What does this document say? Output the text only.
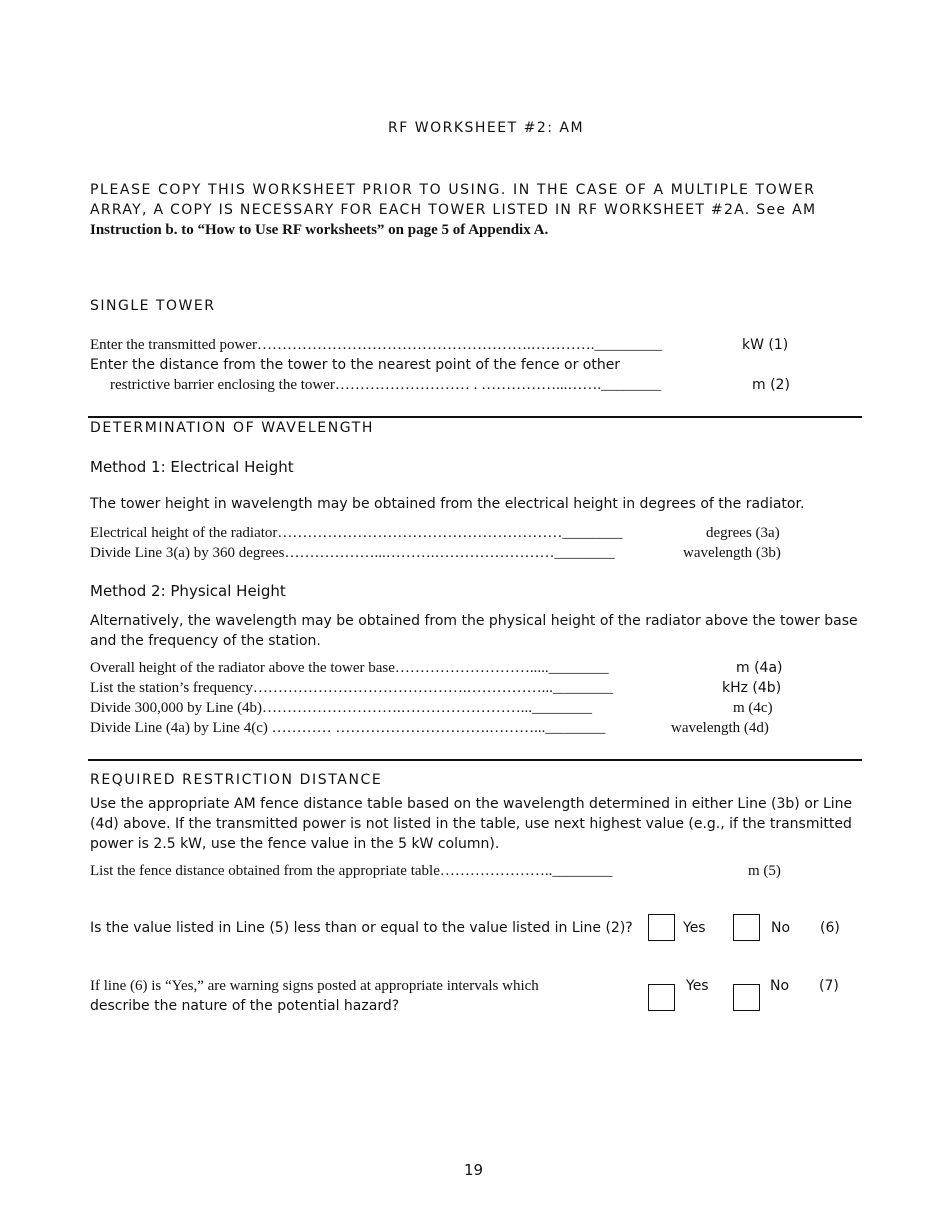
RF WORKSHEET #2: AM
PLEASE COPY THIS WORKSHEET PRIOR TO USING. IN THE CASE OF A MULTIPLE TOWER
ARRAY, A COPY IS NECESSARY FOR EACH TOWER LISTED IN RF WORKSHEET #2A. See AM
Instruction b. to “How to Use RF worksheets” on page 5 of Appendix A.
SINGLE TOWER
Enter the transmitted power……………………………………………….…………._________	kW (1)
Enter the distance from the tower to the nearest point of the fence or other
restrictive barrier enclosing the tower……………………… . ……………...…….________	m (2)
DETERMINATION OF WAVELENGTH
Method 1: Electrical Height
The tower height in wavelength may be obtained from the electrical height in degrees of the radiator.
Electrical height of the radiator…………………………………………………________	degrees (3a)
Divide Line 3(a) by 360 degrees………………...……….……………………________	wavelength (3b)
Method 2: Physical Height
Alternatively, the wavelength may be obtained from the physical height of the radiator above the tower base and the frequency of the station.
Overall height of the radiator above the tower base……………………….....________	m (4a)
List the station’s frequency…………………………………….……………...________	kHz (4b)
Divide 300,000 by Line (4b)……………………….……………………...________	m (4c)
Divide Line (4a) by Line 4(c) ………… ………………………….………...________	wavelength (4d)
REQUIRED RESTRICTION DISTANCE
Use the appropriate AM fence distance table based on the wavelength determined in either Line (3b) or Line (4d) above. If the transmitted power is not listed in the table, use next highest value (e.g., if the transmitted power is 2.5 kW, use the fence value in the 5 kW column).
List the fence distance obtained from the appropriate table…………………..________	m (5)
Is the value listed in Line (5) less than or equal to the value listed in Line (2)?	Yes	No (6)
If line (6) is “Yes,” are warning signs posted at appropriate intervals which
describe the nature of the potential hazard?
Yes	No (7)
19
